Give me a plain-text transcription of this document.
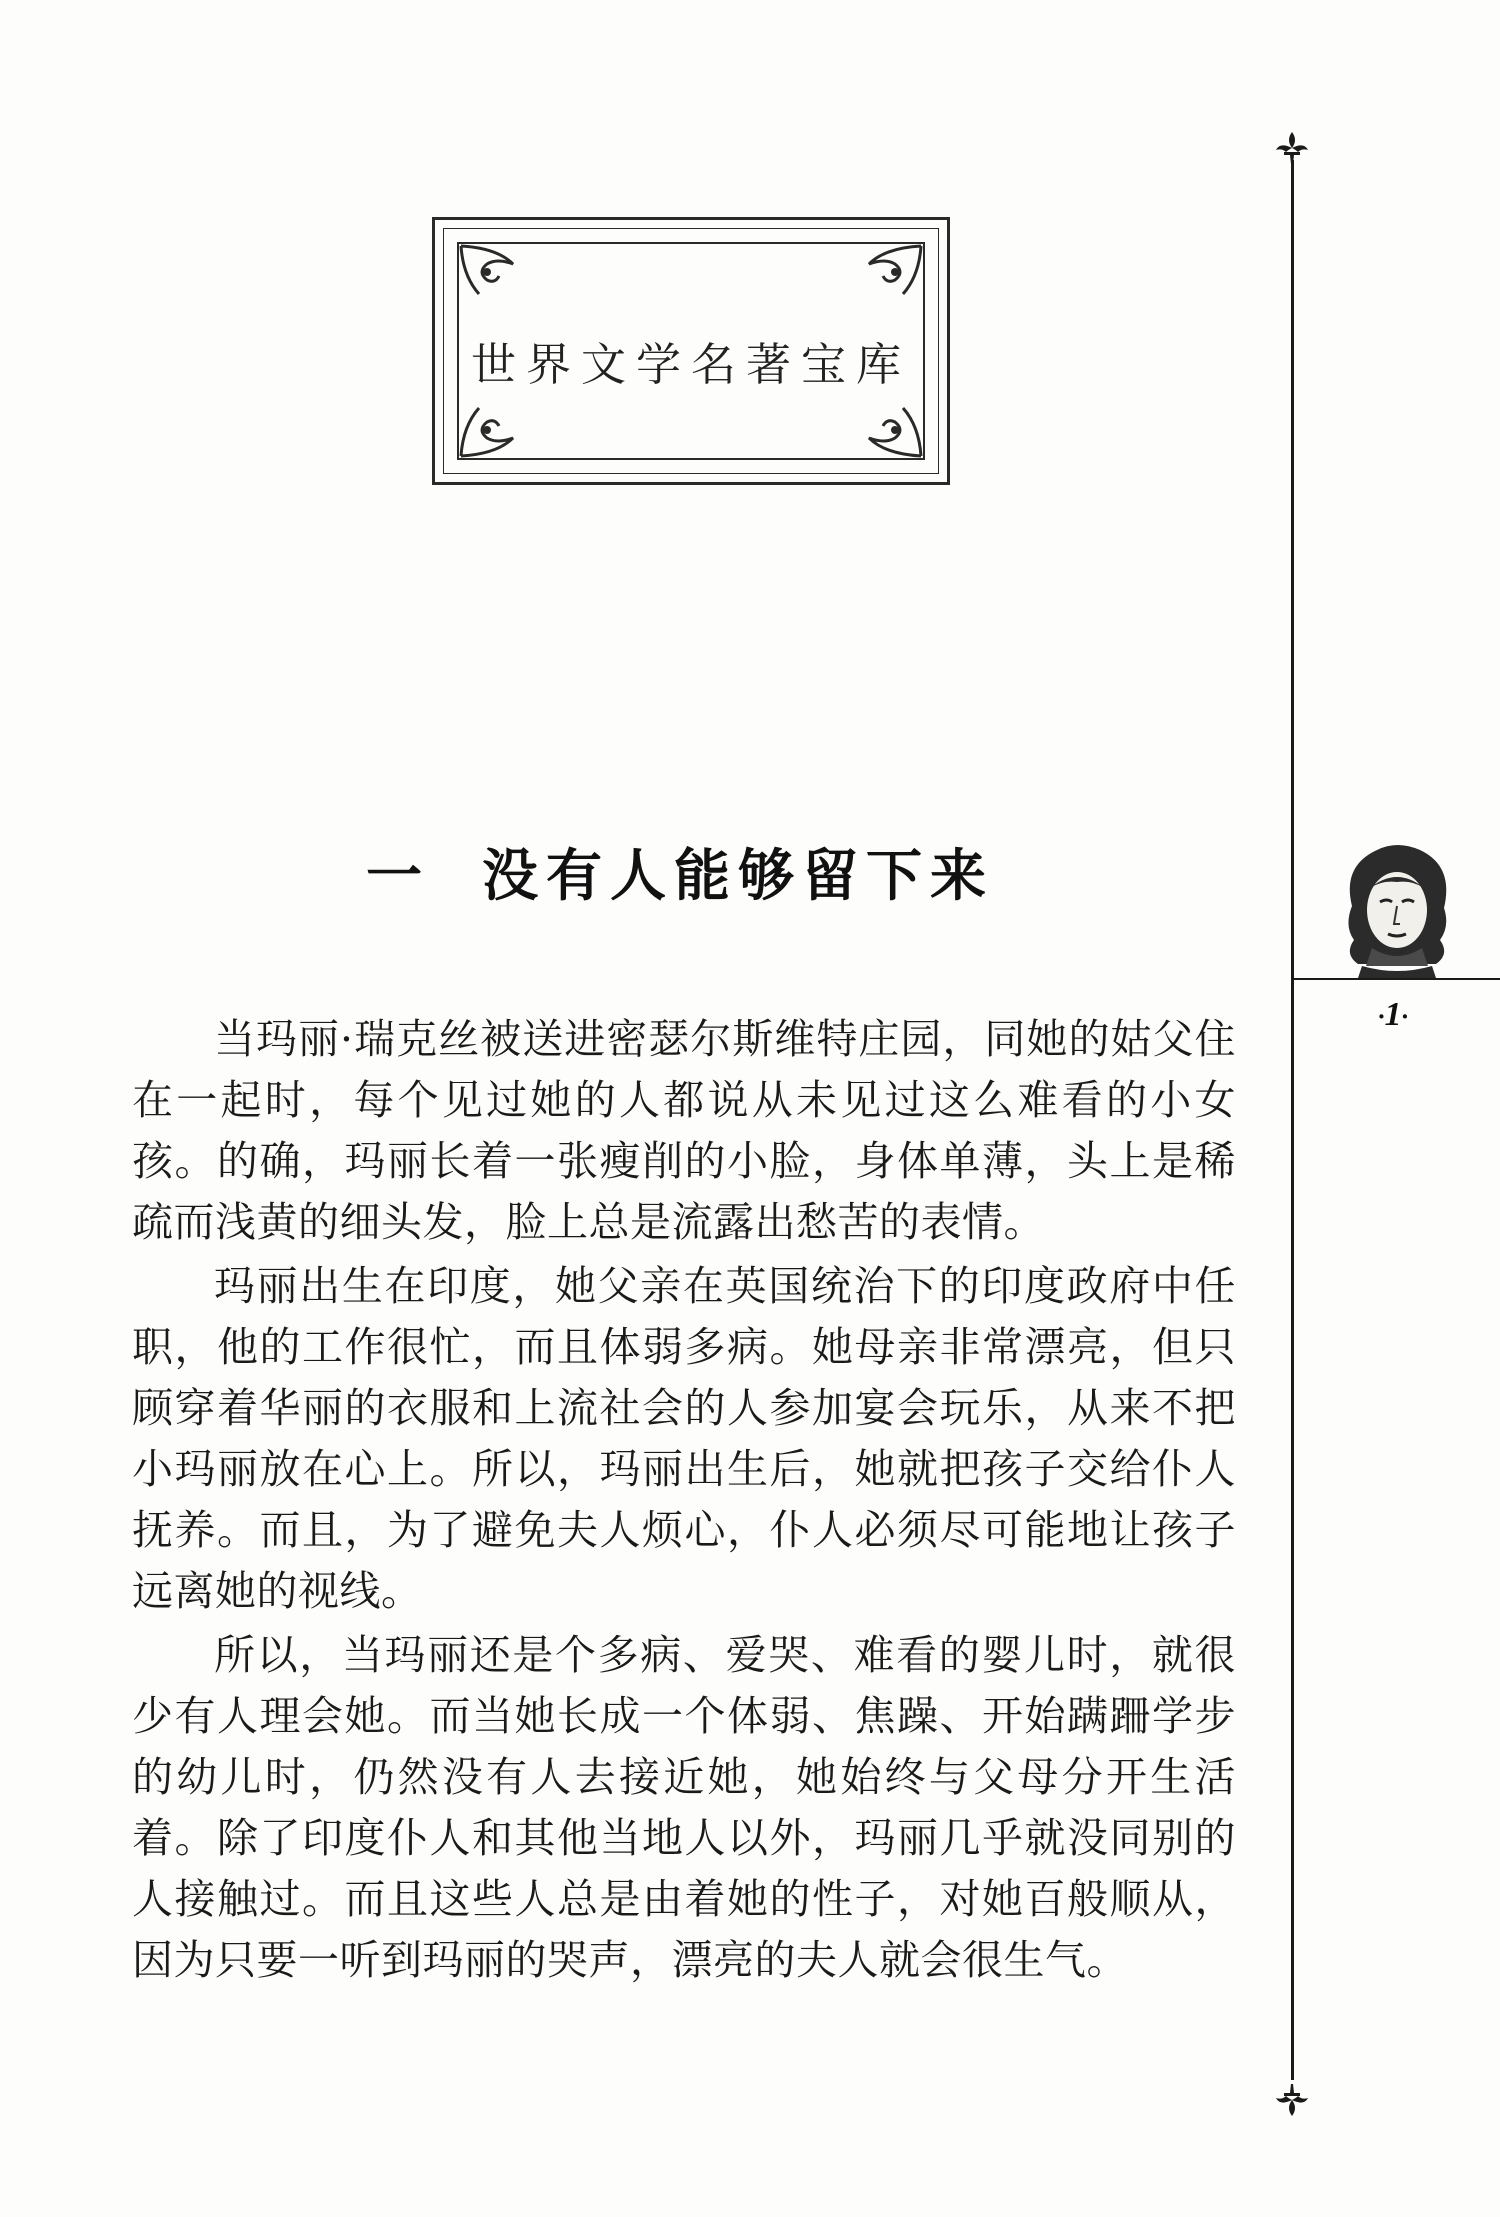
世界文学名著宝库
·1·
一 没有人能够留下来

当玛丽·瑞克丝被送进密瑟尔斯维特庄园，同她的姑父住在一起时，每个见过她的人都说从未见过这么难看的小女孩。的确，玛丽长着一张瘦削的小脸，身体单薄，头上是稀疏而浅黄的细头发，脸上总是流露出愁苦的表情。

玛丽出生在印度，她父亲在英国统治下的印度政府中任职，他的工作很忙，而且体弱多病。她母亲非常漂亮，但只顾穿着华丽的衣服和上流社会的人参加宴会玩乐，从来不把小玛丽放在心上。所以，玛丽出生后，她就把孩子交给仆人抚养。而且，为了避免夫人烦心，仆人必须尽可能地让孩子远离她的视线。

所以，当玛丽还是个多病、爱哭、难看的婴儿时，就很少有人理会她。而当她长成一个体弱、焦躁、开始蹒跚学步的幼儿时，仍然没有人去接近她，她始终与父母分开生活着。除了印度仆人和其他当地人以外，玛丽几乎就没同别的人接触过。而且这些人总是由着她的性子，对她百般顺从，因为只要一听到玛丽的哭声，漂亮的夫人就会很生气。
